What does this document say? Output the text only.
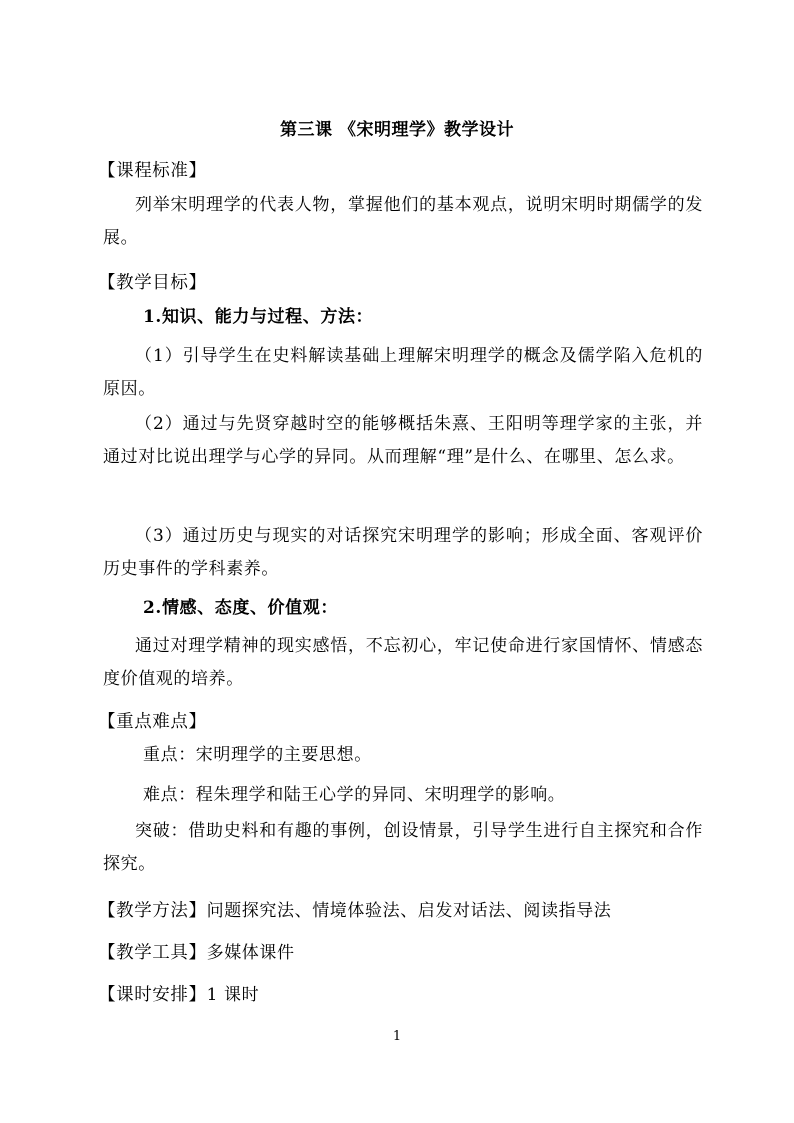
第三课 《宋明理学》教学设计
【课程标准】
列举宋明理学的代表人物，掌握他们的基本观点，说明宋明时期儒学的发展。
【教学目标】
1.知识、能力与过程、方法：
（1）引导学生在史料解读基础上理解宋明理学的概念及儒学陷入危机的原因。
（2）通过与先贤穿越时空的能够概括朱熹、王阳明等理学家的主张，并通过对比说出理学与心学的异同。从而理解“理”是什么、在哪里、怎么求。
（3）通过历史与现实的对话探究宋明理学的影响；形成全面、客观评价历史事件的学科素养。
2.情感、态度、价值观：
通过对理学精神的现实感悟，不忘初心，牢记使命进行家国情怀、情感态度价值观的培养。
【重点难点】
重点：宋明理学的主要思想。
难点：程朱理学和陆王心学的异同、宋明理学的影响。
突破：借助史料和有趣的事例，创设情景，引导学生进行自主探究和合作探究。
【教学方法】问题探究法、情境体验法、启发对话法、阅读指导法
【教学工具】多媒体课件
【课时安排】1 课时
1
